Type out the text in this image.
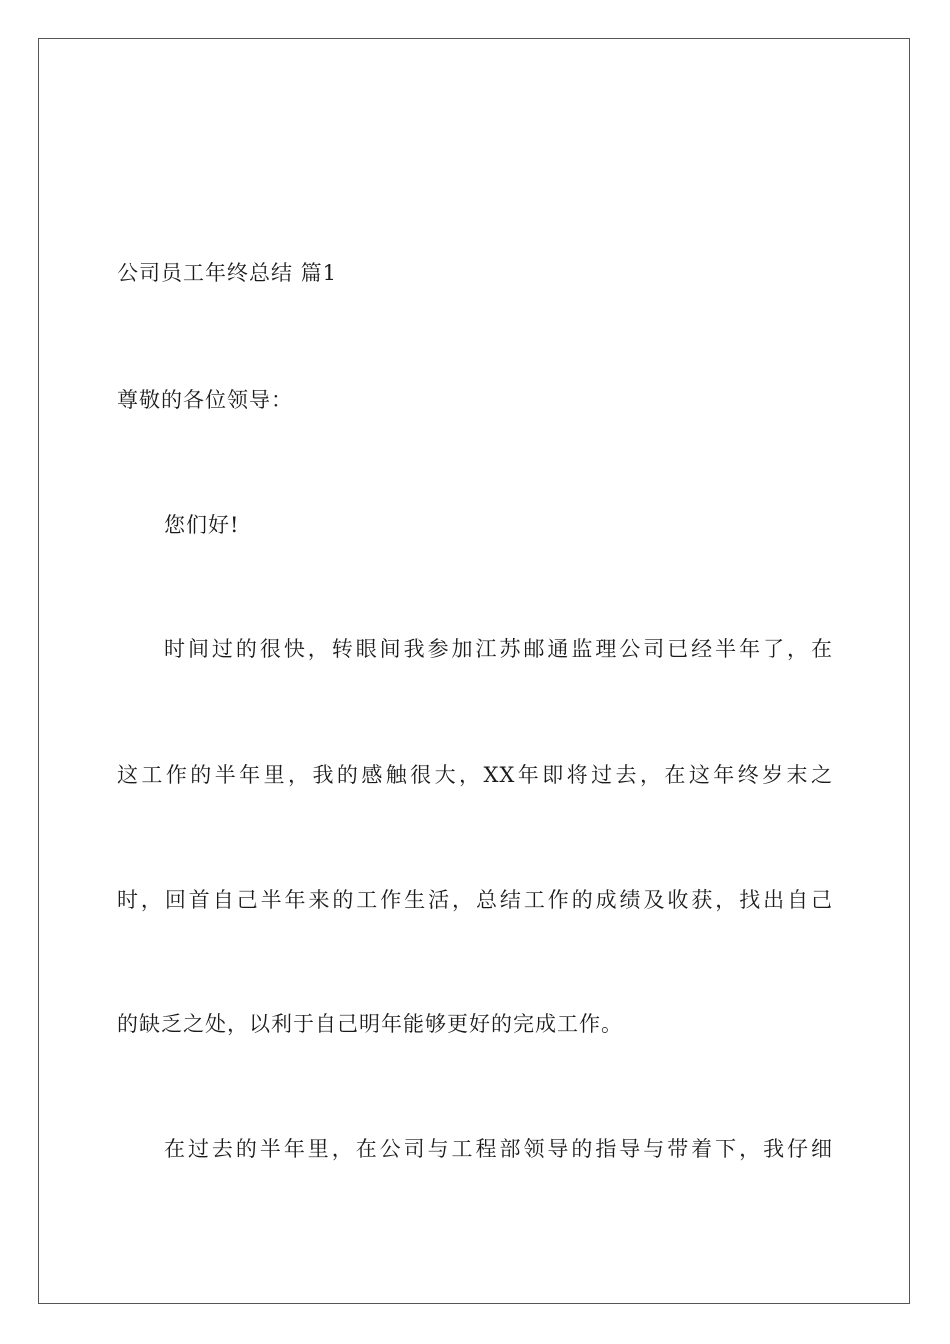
公司员工年终总结 篇1
尊敬的各位领导：
您们好!
时间过的很快，转眼间我参加江苏邮通监理公司已经半年了，在
这工作的半年里，我的感触很大，XX年即将过去，在这年终岁末之
时，回首自己半年来的工作生活，总结工作的成绩及收获，找出自己
的缺乏之处，以利于自己明年能够更好的完成工作。
在过去的半年里，在公司与工程部领导的指导与带着下，我仔细
